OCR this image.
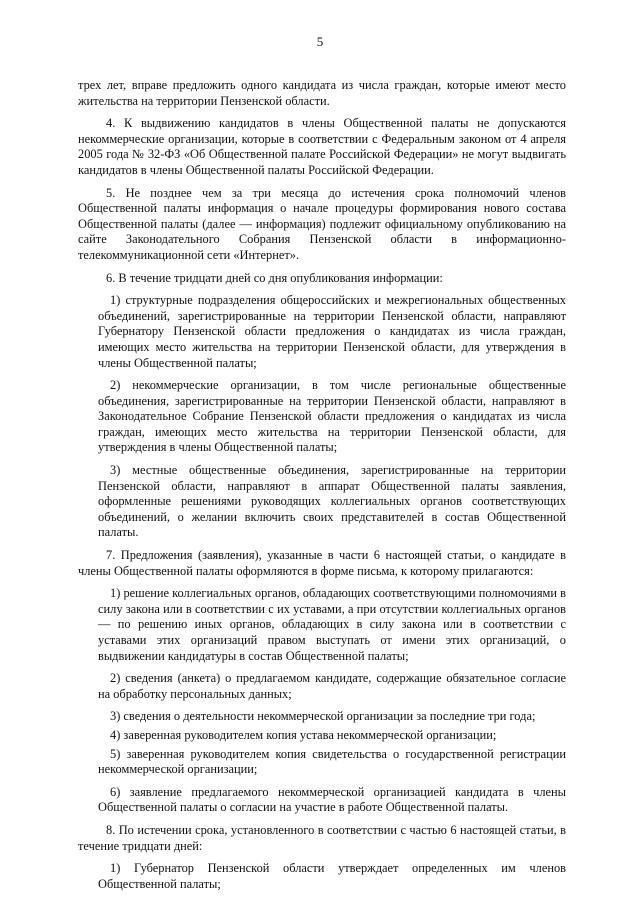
5

трех лет, вправе предложить одного кандидата из числа граждан, которые имеют место жительства на территории Пензенской области.

4. К выдвижению кандидатов в члены Общественной палаты не допускаются некоммерческие организации, которые в соответствии с Федеральным законом от 4 апреля 2005 года № 32-ФЗ «Об Общественной палате Российской Федерации» не могут выдвигать кандидатов в члены Общественной палаты Российской Федерации.

5. Не позднее чем за три месяца до истечения срока полномочий членов Общественной палаты информация о начале процедуры формирования нового состава Общественной палаты (далее — информация) подлежит официальному опубликованию на сайте Законодательного Собрания Пензенской области в информационно-телекоммуникационной сети «Интернет».

6. В течение тридцати дней со дня опубликования информации:

1) структурные подразделения общероссийских и межрегиональных общественных объединений, зарегистрированные на территории Пензенской области, направляют Губернатору Пензенской области предложения о кандидатах из числа граждан, имеющих место жительства на территории Пензенской области, для утверждения в члены Общественной палаты;

2) некоммерческие организации, в том числе региональные общественные объединения, зарегистрированные на территории Пензенской области, направляют в Законодательное Собрание Пензенской области предложения о кандидатах из числа граждан, имеющих место жительства на территории Пензенской области, для утверждения в члены Общественной палаты;

3) местные общественные объединения, зарегистрированные на территории Пензенской области, направляют в аппарат Общественной палаты заявления, оформленные решениями руководящих коллегиальных органов соответствующих объединений, о желании включить своих представителей в состав Общественной палаты.

7. Предложения (заявления), указанные в части 6 настоящей статьи, о кандидате в члены Общественной палаты оформляются в форме письма, к которому прилагаются:

1) решение коллегиальных органов, обладающих соответствующими полномочиями в силу закона или в соответствии с их уставами, а при отсутствии коллегиальных органов — по решению иных органов, обладающих в силу закона или в соответствии с уставами этих организаций правом выступать от имени этих организаций, о выдвижении кандидатуры в состав Общественной палаты;

2) сведения (анкета) о предлагаемом кандидате, содержащие обязательное согласие на обработку персональных данных;

3) сведения о деятельности некоммерческой организации за последние три года;

4) заверенная руководителем копия устава некоммерческой организации;

5) заверенная руководителем копия свидетельства о государственной регистрации некоммерческой организации;

6) заявление предлагаемого некоммерческой организацией кандидата в члены Общественной палаты о согласии на участие в работе Общественной палаты.

8. По истечении срока, установленного в соответствии с частью 6 настоящей статьи, в течение тридцати дней:

1) Губернатор Пензенской области утверждает определенных им членов Общественной палаты;
